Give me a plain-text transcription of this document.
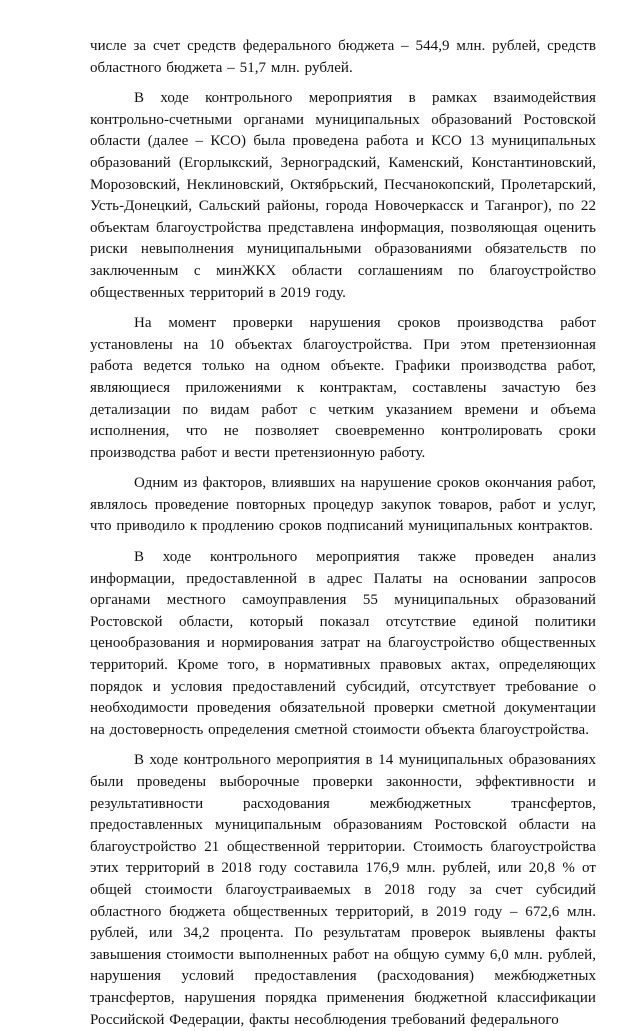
числе за счет средств федерального бюджета – 544,9 млн. рублей, средств областного бюджета – 51,7 млн. рублей.

В ходе контрольного мероприятия в рамках взаимодействия контрольно-счетными органами муниципальных образований Ростовской области (далее – КСО) была проведена работа и КСО 13 муниципальных образований (Егорлыкский, Зерноградский, Каменский, Константиновский, Морозовский, Неклиновский, Октябрьский, Песчанокопский, Пролетарский, Усть-Донецкий, Сальский районы, города Новочеркасск и Таганрог), по 22 объектам благоустройства представлена информация, позволяющая оценить риски невыполнения муниципальными образованиями обязательств по заключенным с минЖКХ области соглашениям по благоустройство общественных территорий в 2019 году.

На момент проверки нарушения сроков производства работ установлены на 10 объектах благоустройства. При этом претензионная работа ведется только на одном объекте. Графики производства работ, являющиеся приложениями к контрактам, составлены зачастую без детализации по видам работ с четким указанием времени и объема исполнения, что не позволяет своевременно контролировать сроки производства работ и вести претензионную работу.

Одним из факторов, влиявших на нарушение сроков окончания работ, являлось проведение повторных процедур закупок товаров, работ и услуг, что приводило к продлению сроков подписаний муниципальных контрактов.

В ходе контрольного мероприятия также проведен анализ информации, предоставленной в адрес Палаты на основании запросов органами местного самоуправления 55 муниципальных образований Ростовской области, который показал отсутствие единой политики ценообразования и нормирования затрат на благоустройство общественных территорий. Кроме того, в нормативных правовых актах, определяющих порядок и условия предоставлений субсидий, отсутствует требование о необходимости проведения обязательной проверки сметной документации на достоверность определения сметной стоимости объекта благоустройства.

В ходе контрольного мероприятия в 14 муниципальных образованиях были проведены выборочные проверки законности, эффективности и результативности расходования межбюджетных трансфертов, предоставленных муниципальным образованиям Ростовской области на благоустройство 21 общественной территории. Стоимость благоустройства этих территорий в 2018 году составила 176,9 млн. рублей, или 20,8 % от общей стоимости благоустраиваемых в 2018 году за счет субсидий областного бюджета общественных территорий, в 2019 году – 672,6 млн. рублей, или 34,2 процента. По результатам проверок выявлены факты завышения стоимости выполненных работ на общую сумму 6,0 млн. рублей, нарушения условий предоставления (расходования) межбюджетных трансфертов, нарушения порядка применения бюджетной классификации Российской Федерации, факты несоблюдения требований федерального
